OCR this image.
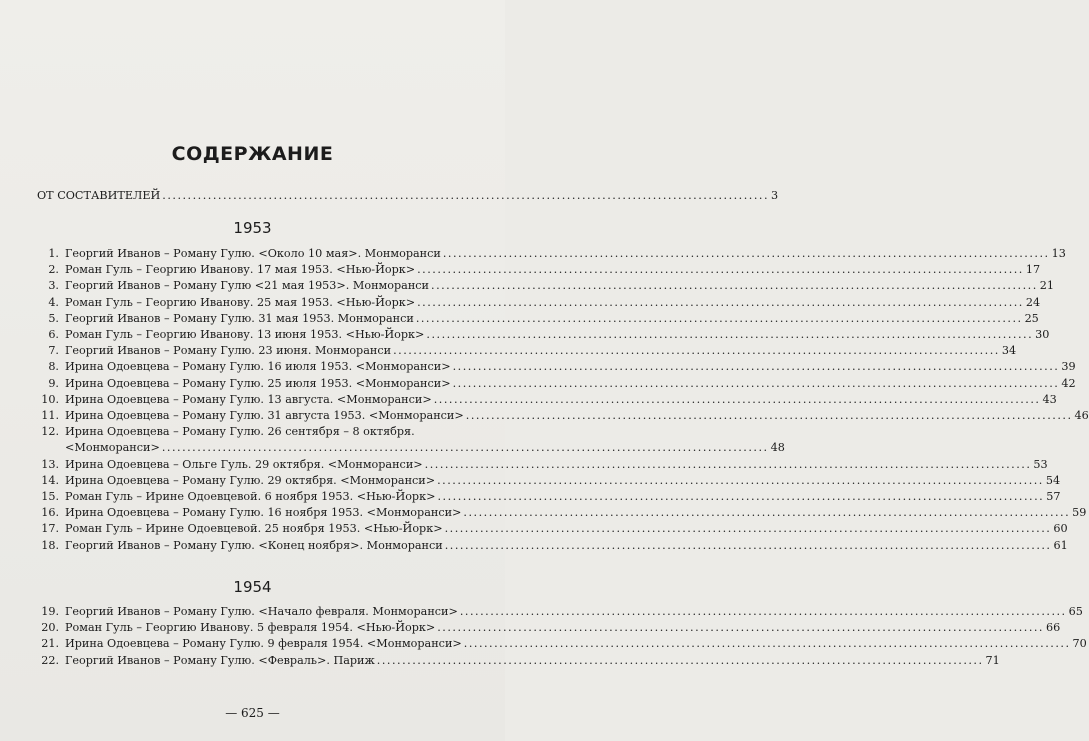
СОДЕРЖАНИЕ
ОТ СОСТАВИТЕЛЕЙ .....	3
1953
1. Георгий Иванов – Роману Гулю. <Около 10 мая>. Монморанси .....	13
2. Роман Гуль – Георгию Иванову. 17 мая 1953. <Нью-Йорк> .....	17
3. Георгий Иванов – Роману Гулю <21 мая 1953>. Монморанси .....	21
4. Роман Гуль – Георгию Иванову. 25 мая 1953. <Нью-Йорк> .....	24
5. Георгий Иванов – Роману Гулю. 31 мая 1953. Монморанси .....	25
6. Роман Гуль – Георгию Иванову. 13 июня 1953. <Нью-Йорк> .....	30
7. Георгий Иванов – Роману Гулю. 23 июня. Монморанси .....	34
8. Ирина Одоевцева – Роману Гулю. 16 июля 1953. <Монморанси> .....	39
9. Ирина Одоевцева – Роману Гулю. 25 июля 1953. <Монморанси> .....	42
10. Ирина Одоевцева – Роману Гулю. 13 августа. <Монморанси> .....	43
11. Ирина Одоевцева – Роману Гулю. 31 августа 1953. <Монморанси> .....	46
12. Ирина Одоевцева – Роману Гулю. 26 сентября – 8 октября.
<Монморанси> .....	48
13. Ирина Одоевцева – Ольге Гуль. 29 октября. <Монморанси> .....	53
14. Ирина Одоевцева – Роману Гулю. 29 октября. <Монморанси> .....	54
15. Роман Гуль – Ирине Одоевцевой. 6 ноября 1953. <Нью-Йорк> .....	57
16. Ирина Одоевцева – Роману Гулю. 16 ноября 1953. <Монморанси> .....	59
17. Роман Гуль – Ирине Одоевцевой. 25 ноября 1953. <Нью-Йорк> .....	60
18. Георгий Иванов – Роману Гулю. <Конец ноября>. Монморанси .....	61
1954
19. Георгий Иванов – Роману Гулю. <Начало февраля. Монморанси> .....	65
20. Роман Гуль – Георгию Иванову. 5 февраля 1954. <Нью-Йорк> .....	66
21. Ирина Одоевцева – Роману Гулю. 9 февраля 1954. <Монморанси> .....	70
22. Георгий Иванов – Роману Гулю. <Февраль>. Париж .....	71
— 625 —
